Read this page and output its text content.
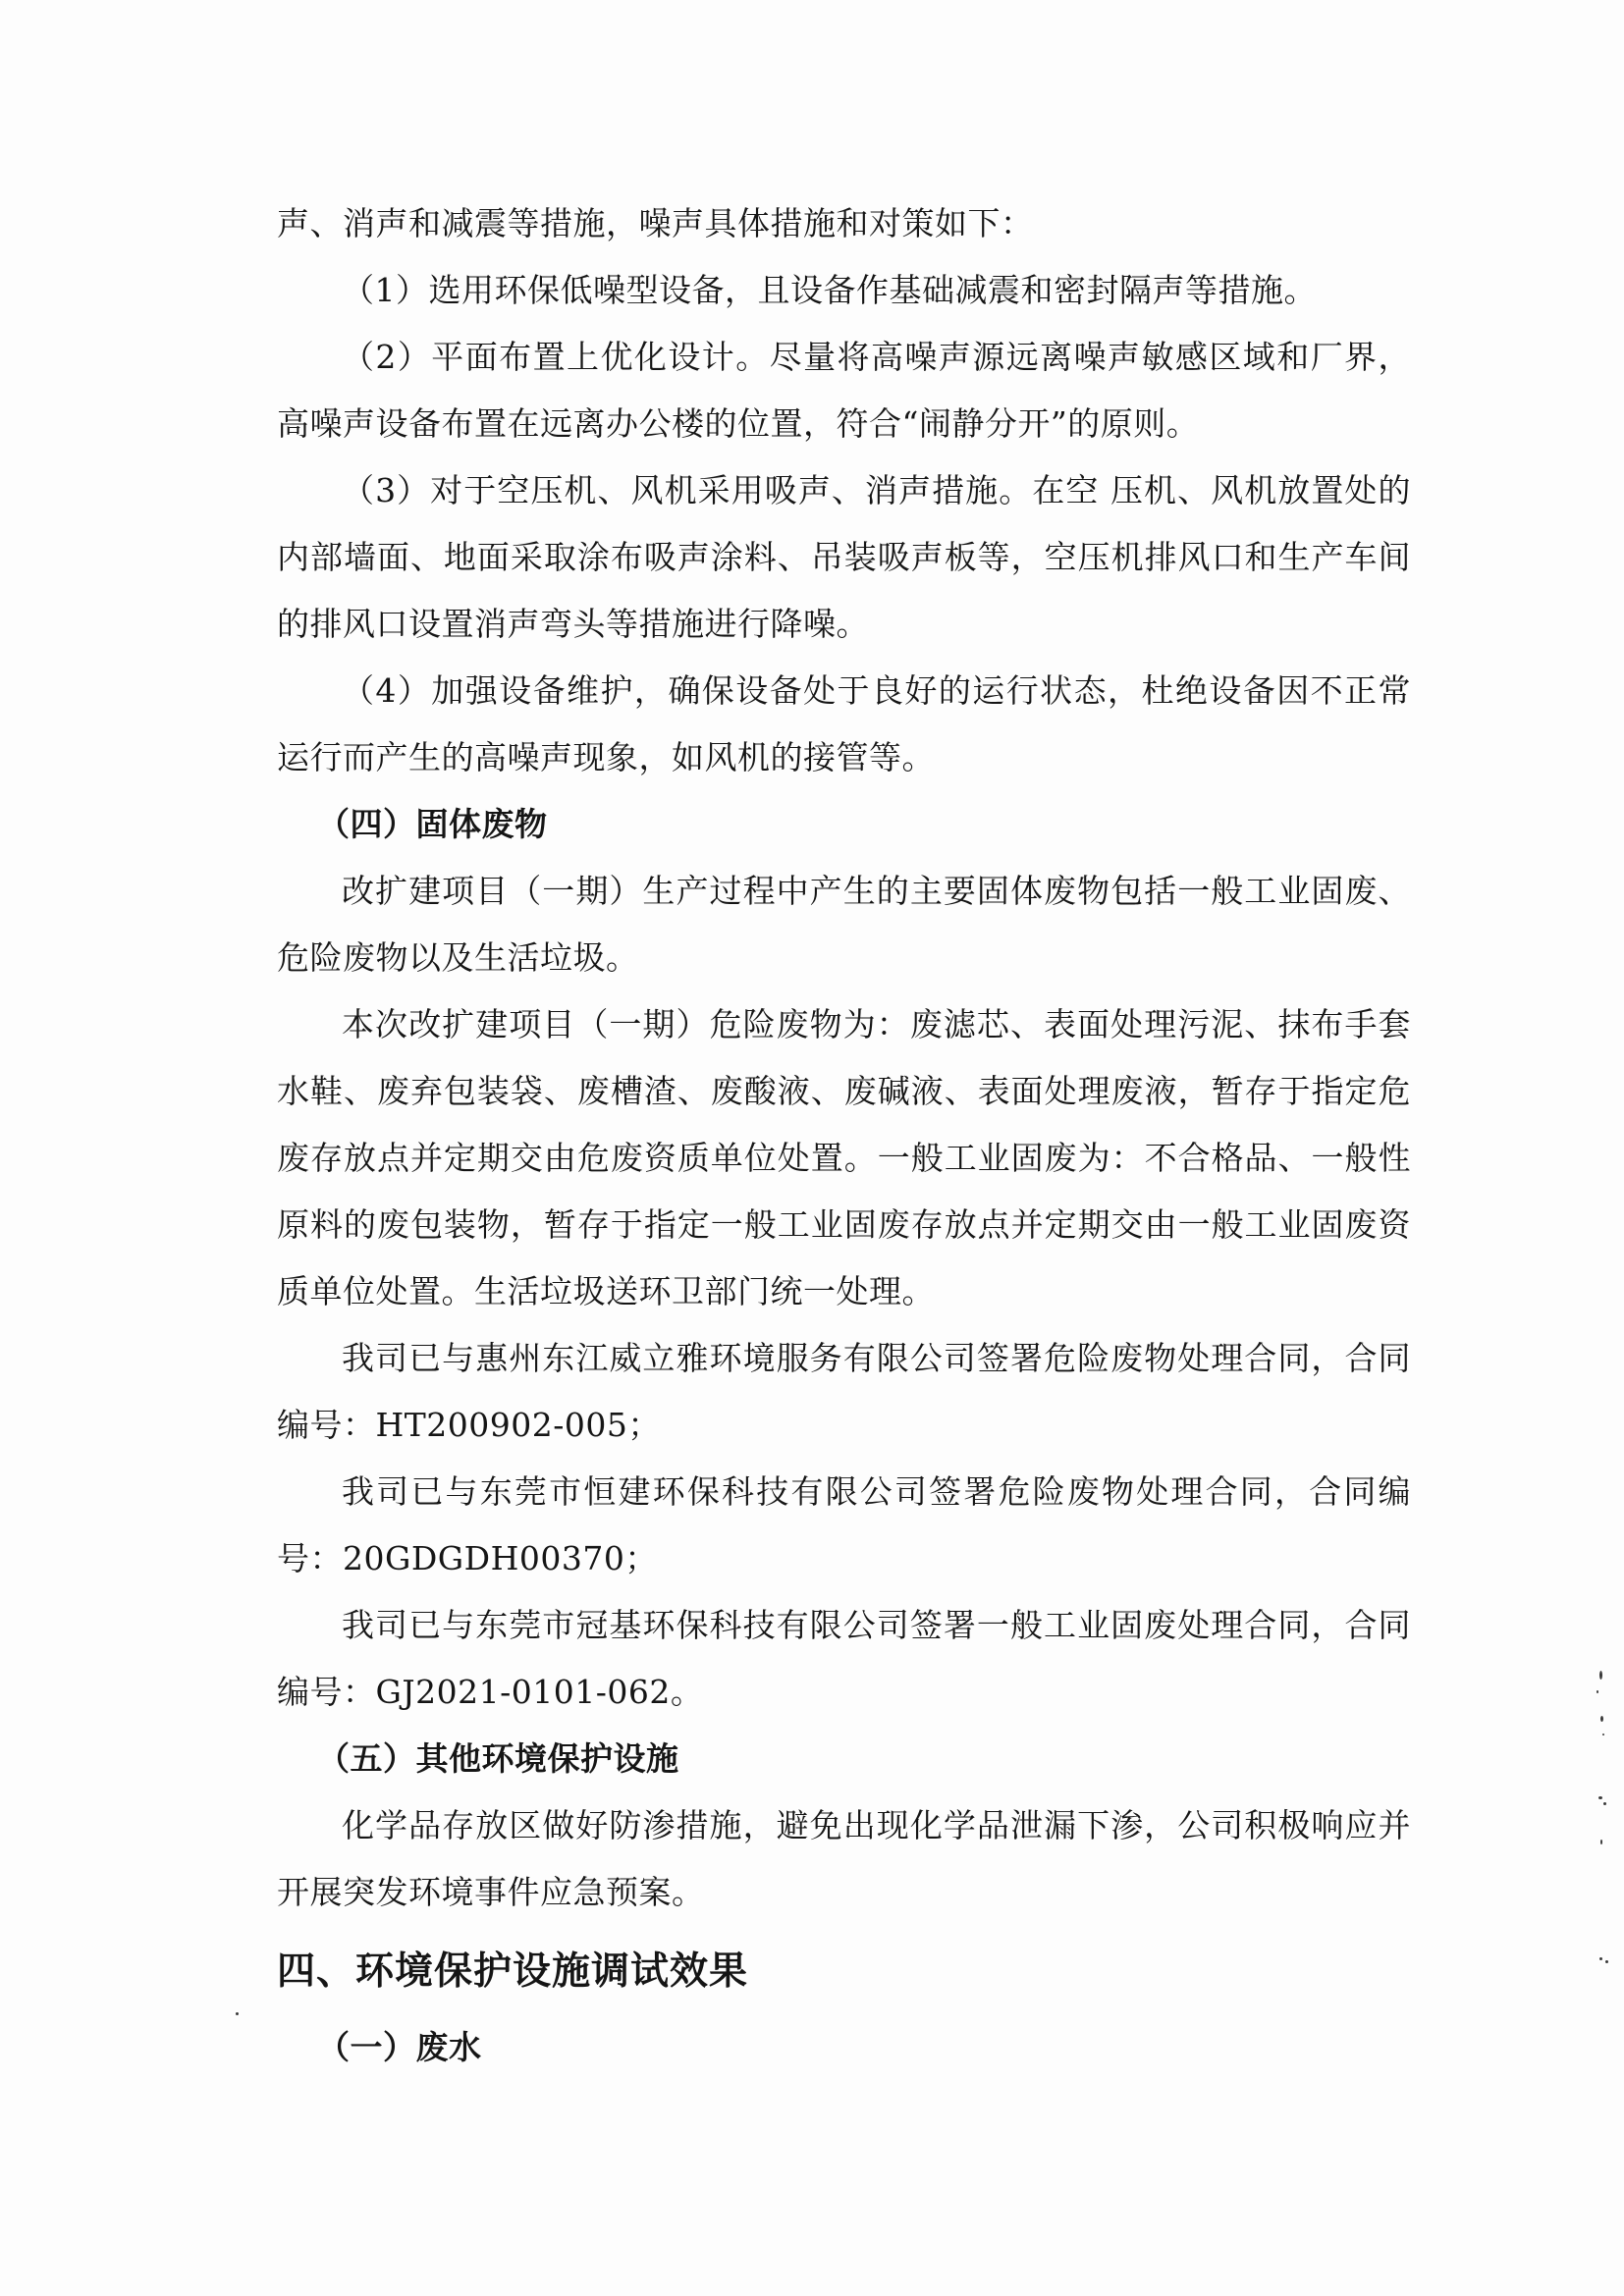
声、消声和减震等措施，噪声具体措施和对策如下：

（1）选用环保低噪型设备，且设备作基础减震和密封隔声等措施。

（2）平面布置上优化设计。尽量将高噪声源远离噪声敏感区域和厂界，高噪声设备布置在远离办公楼的位置，符合“闹静分开”的原则。

（3）对于空压机、风机采用吸声、消声措施。在空 压机、风机放置处的内部墙面、地面采取涂布吸声涂料、吊装吸声板等，空压机排风口和生产车间的排风口设置消声弯头等措施进行降噪。

（4）加强设备维护，确保设备处于良好的运行状态，杜绝设备因不正常运行而产生的高噪声现象，如风机的接管等。

（四）固体废物

改扩建项目（一期）生产过程中产生的主要固体废物包括一般工业固废、危险废物以及生活垃圾。

本次改扩建项目（一期）危险废物为：废滤芯、表面处理污泥、抹布手套水鞋、废弃包装袋、废槽渣、废酸液、废碱液、表面处理废液，暂存于指定危废存放点并定期交由危废资质单位处置。一般工业固废为：不合格品、一般性原料的废包装物，暂存于指定一般工业固废存放点并定期交由一般工业固废资质单位处置。生活垃圾送环卫部门统一处理。

我司已与惠州东江威立雅环境服务有限公司签署危险废物处理合同，合同编号：HT200902-005；

我司已与东莞市恒建环保科技有限公司签署危险废物处理合同，合同编号：20GDGDH00370；

我司已与东莞市冠基环保科技有限公司签署一般工业固废处理合同，合同编号：GJ2021-0101-062。

（五）其他环境保护设施

化学品存放区做好防渗措施，避免出现化学品泄漏下渗，公司积极响应并开展突发环境事件应急预案。

四、环境保护设施调试效果

（一）废水
